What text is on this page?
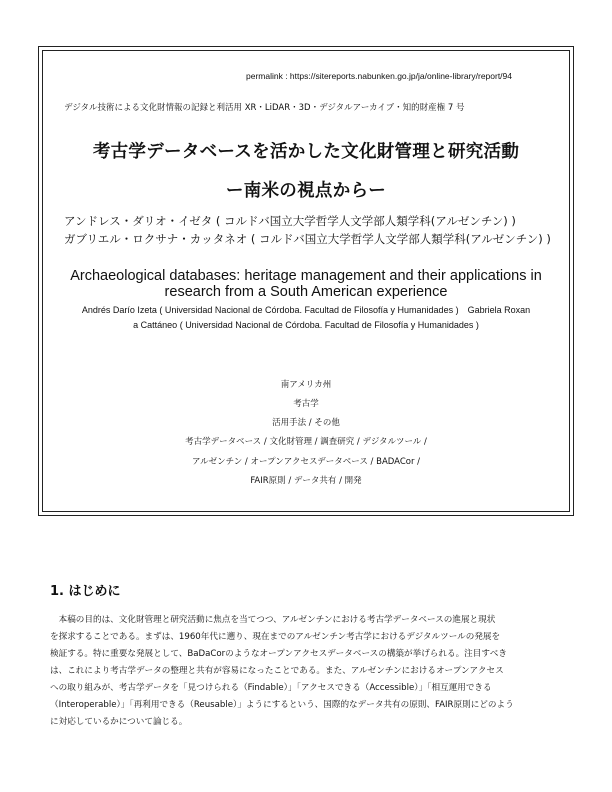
permalink : https://sitereports.nabunken.go.jp/ja/online-library/report/94
デジタル技術による文化財情報の記録と利活用 XR・LiDAR・3D・デジタルアーカイブ・知的財産権 7 号
考古学データベースを活かした文化財管理と研究活動
ー南米の視点からー
アンドレス・ダリオ・イゼタ ( コルドバ国立大学哲学人文学部人類学科(アルゼンチン) )
ガブリエル・ロクサナ・カッタネオ ( コルドバ国立大学哲学人文学部人類学科(アルゼンチン) )
Archaeological databases: heritage management and their applications in
research from a South American experience
Andrés Darío Izeta ( Universidad Nacional de Córdoba. Facultad de Filosofía y Humanidades )　Gabriela Roxan
a Cattáneo ( Universidad Nacional de Córdoba. Facultad de Filosofía y Humanidades )
南アメリカ州
考古学
活用手法 / その他
考古学データベース / 文化財管理 / 調査研究 / デジタルツール /
アルゼンチン / オープンアクセスデータベース / BADACor /
FAIR原則 / データ共有 / 開発
1. はじめに
　本稿の目的は、文化財管理と研究活動に焦点を当てつつ、アルゼンチンにおける考古学データベースの進展と現状
を探求することである。まずは、1960年代に遡り、現在までのアルゼンチン考古学におけるデジタルツールの発展を
検証する。特に重要な発展として、BaDaCorのようなオープンアクセスデータベースの構築が挙げられる。注目すべき
は、これにより考古学データの整理と共有が容易になったことである。また、アルゼンチンにおけるオープンアクセス
への取り組みが、考古学データを「見つけられる（Findable）」「アクセスできる（Accessible）」「相互運用できる
（Interoperable）」「再利用できる（Reusable）」ようにするという、国際的なデータ共有の原則、FAIR原則にどのよう
に対応しているかについて論じる。
